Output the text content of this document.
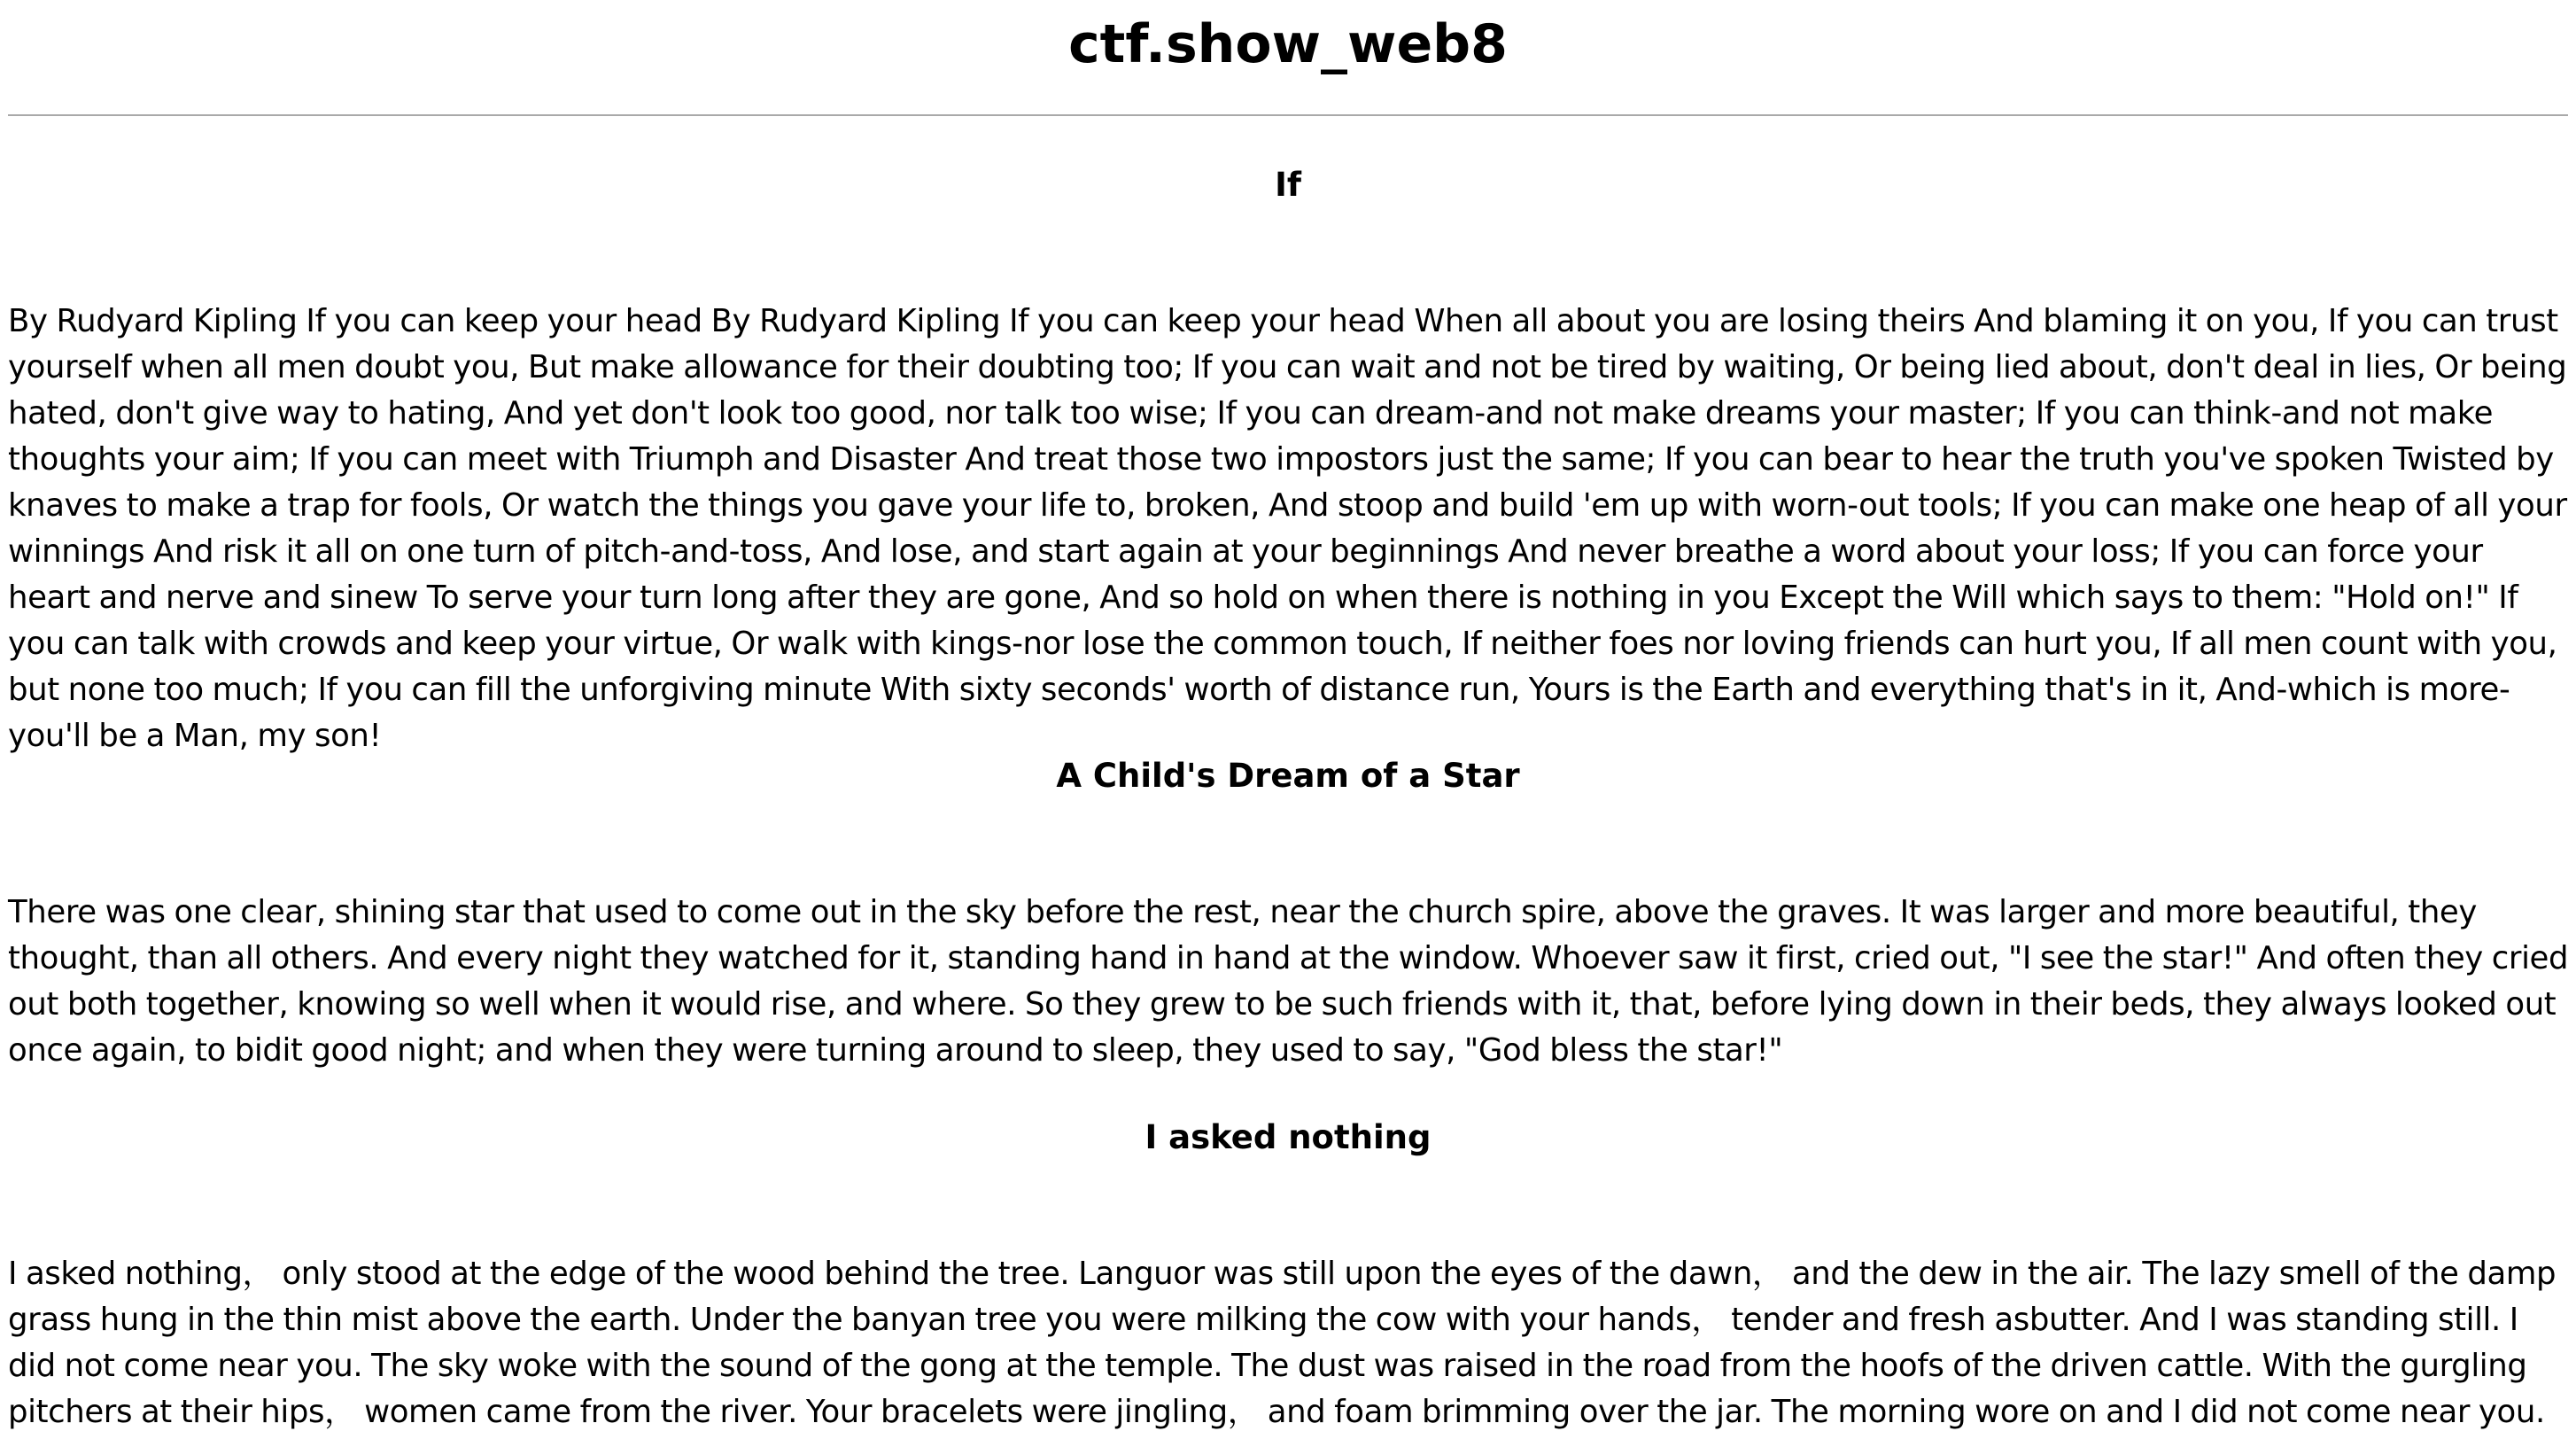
ctf.show_web8
If

By Rudyard Kipling If you can keep your head By Rudyard Kipling If you can keep your head When all about you are losing theirs And blaming it on you, If you can trust yourself when all men doubt you, But make allowance for their doubting too; If you can wait and not be tired by waiting, Or being lied about, don't deal in lies, Or being hated, don't give way to hating, And yet don't look too good, nor talk too wise; If you can dream-and not make dreams your master; If you can think-and not make thoughts your aim; If you can meet with Triumph and Disaster And treat those two impostors just the same; If you can bear to hear the truth you've spoken Twisted by knaves to make a trap for fools, Or watch the things you gave your life to, broken, And stoop and build 'em up with worn-out tools; If you can make one heap of all your winnings And risk it all on one turn of pitch-and-toss, And lose, and start again at your beginnings And never breathe a word about your loss; If you can force your heart and nerve and sinew To serve your turn long after they are gone, And so hold on when there is nothing in you Except the Will which says to them: "Hold on!" If you can talk with crowds and keep your virtue, Or walk with kings-nor lose the common touch, If neither foes nor loving friends can hurt you, If all men count with you, but none too much; If you can fill the unforgiving minute With sixty seconds' worth of distance run, Yours is the Earth and everything that's in it, And-which is more-you'll be a Man, my son!

A Child's Dream of a Star

There was one clear, shining star that used to come out in the sky before the rest, near the church spire, above the graves. It was larger and more beautiful, they thought, than all others. And every night they watched for it, standing hand in hand at the window. Whoever saw it first, cried out, "I see the star!" And often they cried out both together, knowing so well when it would rise, and where. So they grew to be such friends with it, that, before lying down in their beds, they always looked out once again, to bidit good night; and when they were turning around to sleep, they used to say, "God bless the star!"

I asked nothing

I asked nothing， only stood at the edge of the wood behind the tree. Languor was still upon the eyes of the dawn， and the dew in the air. The lazy smell of the damp grass hung in the thin mist above the earth. Under the banyan tree you were milking the cow with your hands， tender and fresh asbutter. And I was standing still. I did not come near you. The sky woke with the sound of the gong at the temple. The dust was raised in the road from the hoofs of the driven cattle. With the gurgling pitchers at their hips， women came from the river. Your bracelets were jingling， and foam brimming over the jar. The morning wore on and I did not come near you.
